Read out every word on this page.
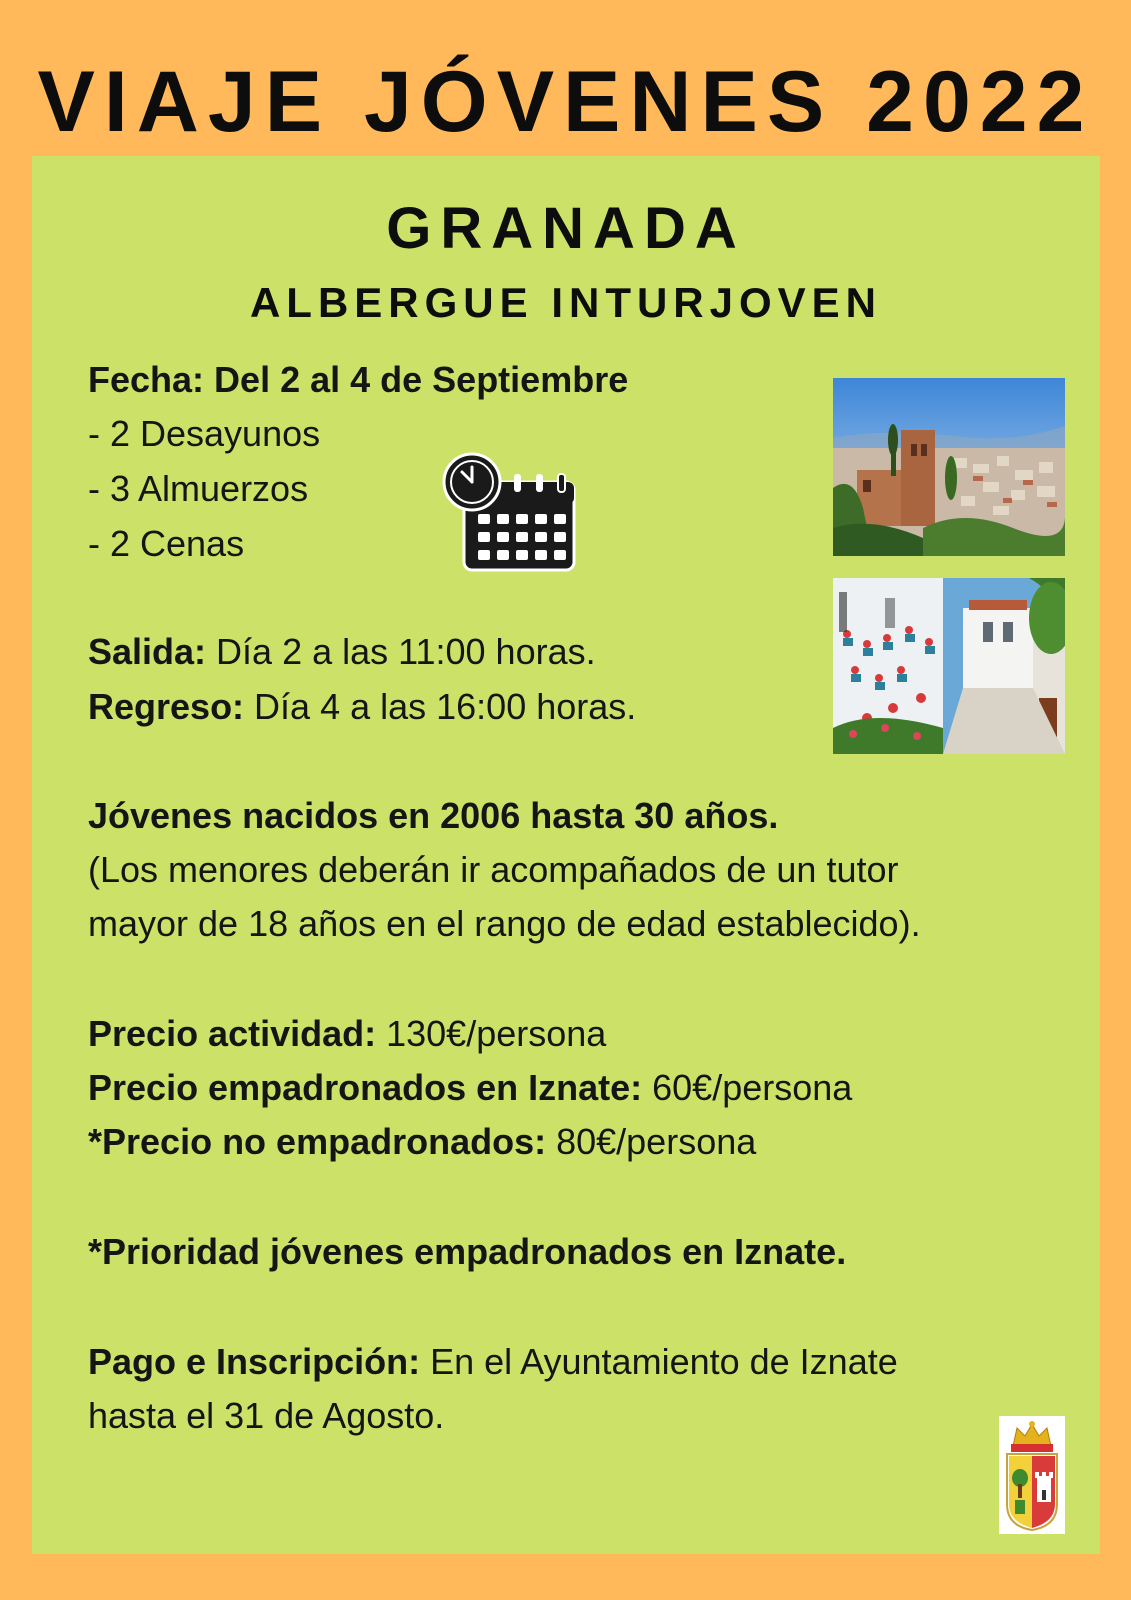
VIAJE JÓVENES 2022
GRANADA
ALBERGUE INTURJOVEN
Fecha: Del 2 al 4 de Septiembre
- 2 Desayunos
- 3 Almuerzos
- 2 Cenas
Salida: Día 2 a las 11:00 horas.
Regreso: Día 4 a las 16:00 horas.
Jóvenes nacidos en 2006 hasta 30 años.
(Los menores deberán ir acompañados de un tutor
mayor de 18 años en el rango de edad establecido).
Precio actividad: 130€/persona
Precio empadronados en Iznate: 60€/persona
*Precio no empadronados: 80€/persona
*Prioridad jóvenes empadronados en Iznate.
Pago e Inscripción: En el Ayuntamiento de Iznate
hasta el 31 de Agosto.
